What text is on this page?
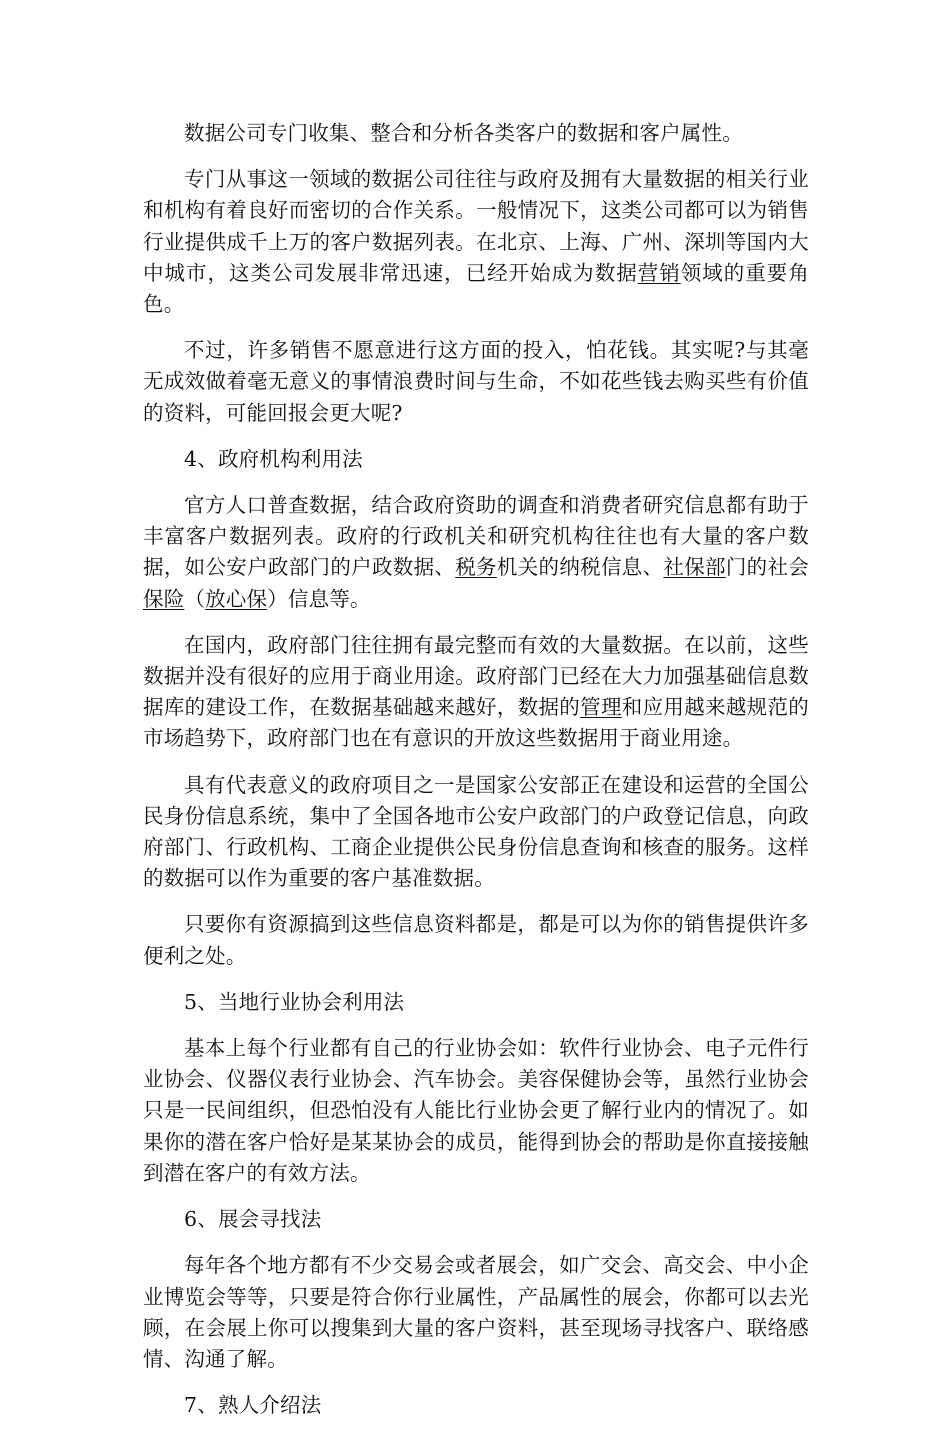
数据公司专门收集、整合和分析各类客户的数据和客户属性。

专门从事这一领域的数据公司往往与政府及拥有大量数据的相关行业和机构有着良好而密切的合作关系。一般情况下，这类公司都可以为销售行业提供成千上万的客户数据列表。在北京、上海、广州、深圳等国内大中城市，这类公司发展非常迅速，已经开始成为数据营销领域的重要角色。

不过，许多销售不愿意进行这方面的投入，怕花钱。其实呢?与其毫无成效做着毫无意义的事情浪费时间与生命，不如花些钱去购买些有价值的资料，可能回报会更大呢?

4、政府机构利用法

官方人口普查数据，结合政府资助的调查和消费者研究信息都有助于丰富客户数据列表。政府的行政机关和研究机构往往也有大量的客户数据，如公安户政部门的户政数据、税务机关的纳税信息、社保部门的社会保险（放心保）信息等。

在国内，政府部门往往拥有最完整而有效的大量数据。在以前，这些数据并没有很好的应用于商业用途。政府部门已经在大力加强基础信息数据库的建设工作，在数据基础越来越好，数据的管理和应用越来越规范的市场趋势下，政府部门也在有意识的开放这些数据用于商业用途。

具有代表意义的政府项目之一是国家公安部正在建设和运营的全国公民身份信息系统，集中了全国各地市公安户政部门的户政登记信息，向政府部门、行政机构、工商企业提供公民身份信息查询和核查的服务。这样的数据可以作为重要的客户基准数据。

只要你有资源搞到这些信息资料都是，都是可以为你的销售提供许多便利之处。

5、当地行业协会利用法

基本上每个行业都有自己的行业协会如：软件行业协会、电子元件行业协会、仪器仪表行业协会、汽车协会。美容保健协会等，虽然行业协会只是一民间组织，但恐怕没有人能比行业协会更了解行业内的情况了。如果你的潜在客户恰好是某某协会的成员，能得到协会的帮助是你直接接触到潜在客户的有效方法。

6、展会寻找法

每年各个地方都有不少交易会或者展会，如广交会、高交会、中小企业博览会等等，只要是符合你行业属性，产品属性的展会，你都可以去光顾，在会展上你可以搜集到大量的客户资料，甚至现场寻找客户、联络感情、沟通了解。

7、熟人介绍法
